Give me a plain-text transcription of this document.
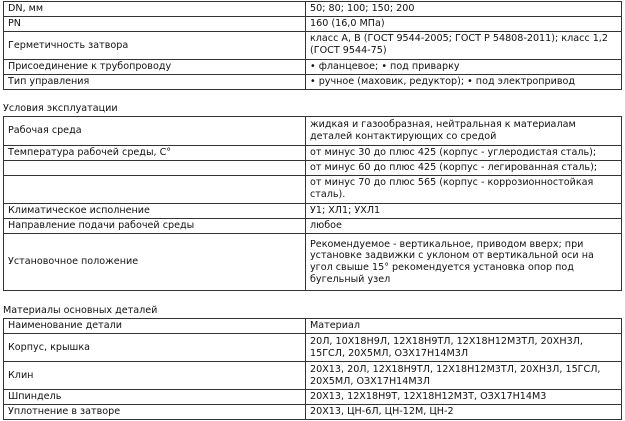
DN, мм	50; 80; 100; 150; 200
PN	160 (16,0 МПа)
Герметичность затвора	класс А, В (ГОСТ 9544-2005; ГОСТ Р 54808-2011); класс 1,2 (ГОСТ 9544-75)
Присоединение к трубопроводу	• фланцевое; • под приварку
Тип управления	• ручное (маховик, редуктор); • под электропривод
Условия эксплуатации
Рабочая среда	жидкая и газообразная, нейтральная к материалам деталей контактирующих со средой
Температура рабочей среды, С°	от минус 30 до плюс 425 (корпус - углеродистая сталь);
	от минус 60 до плюс 425 (корпус - легированная сталь);
	от минус 70 до плюс 565 (корпус - коррозионностойкая сталь).
Климатическое исполнение	У1; ХЛ1; УХЛ1
Направление подачи рабочей среды	любое
Установочное положение	Рекомендуемое - вертикальное, приводом вверх; при установке задвижки с уклоном от вертикальной оси на угол свыше 15° рекомендуется установка опор под бугельный узел
Материалы основных деталей
Наименование детали	Материал
Корпус, крышка	20Л, 10Х18Н9Л, 12Х18Н9ТЛ, 12Х18Н12М3ТЛ, 20ХН3Л, 15ГСЛ, 20Х5МЛ, ОЗХ17Н14М3Л
Клин	20Х13, 20Л, 12Х18Н9ТЛ, 12Х18Н12М3ТЛ, 20ХН3Л, 15ГСЛ, 20Х5МЛ, ОЗХ17Н14М3Л
Шпиндель	20Х13, 12Х18Н9Т, 12Х18Н12М3Т, ОЗХ17Н14М3
Уплотнение в затворе	20Х13, ЦН-6Л, ЦН-12М, ЦН-2
